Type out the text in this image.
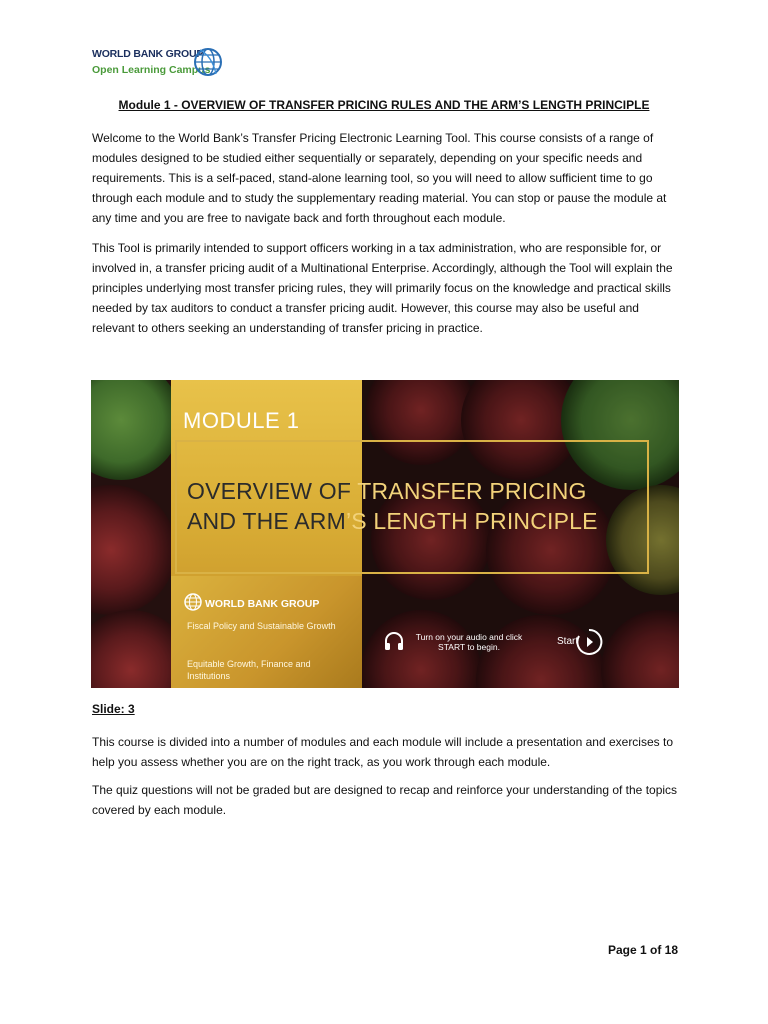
WORLD BANK GROUP
Open Learning Campus
Module 1 - OVERVIEW OF TRANSFER PRICING RULES AND THE ARM’S LENGTH PRINCIPLE

Welcome to the World Bank’s Transfer Pricing Electronic Learning Tool. This course consists of a range of modules designed to be studied either sequentially or separately, depending on your specific needs and requirements. This is a self-paced, stand-alone learning tool, so you will need to allow sufficient time to go through each module and to study the supplementary reading material. You can stop or pause the module at any time and you are free to navigate back and forth throughout each module.

This Tool is primarily intended to support officers working in a tax administration, who are responsible for, or involved in, a transfer pricing audit of a Multinational Enterprise. Accordingly, although the Tool will explain the principles underlying most transfer pricing rules, they will primarily focus on the knowledge and practical skills needed by tax auditors to conduct a transfer pricing audit. However, this course may also be useful and relevant to others seeking an understanding of transfer pricing in practice.

MODULE 1
OVERVIEW OF TRANSFER PRICING
AND THE ARM’S LENGTH PRINCIPLE
WORLD BANK GROUP
Fiscal Policy and Sustainable Growth
Equitable Growth, Finance and Institutions
Turn on your audio and click START to begin.	Start
Slide: 3

This course is divided into a number of modules and each module will include a presentation and exercises to help you assess whether you are on the right track, as you work through each module.

The quiz questions will not be graded but are designed to recap and reinforce your understanding of the topics covered by each module.

Page 1 of 18
